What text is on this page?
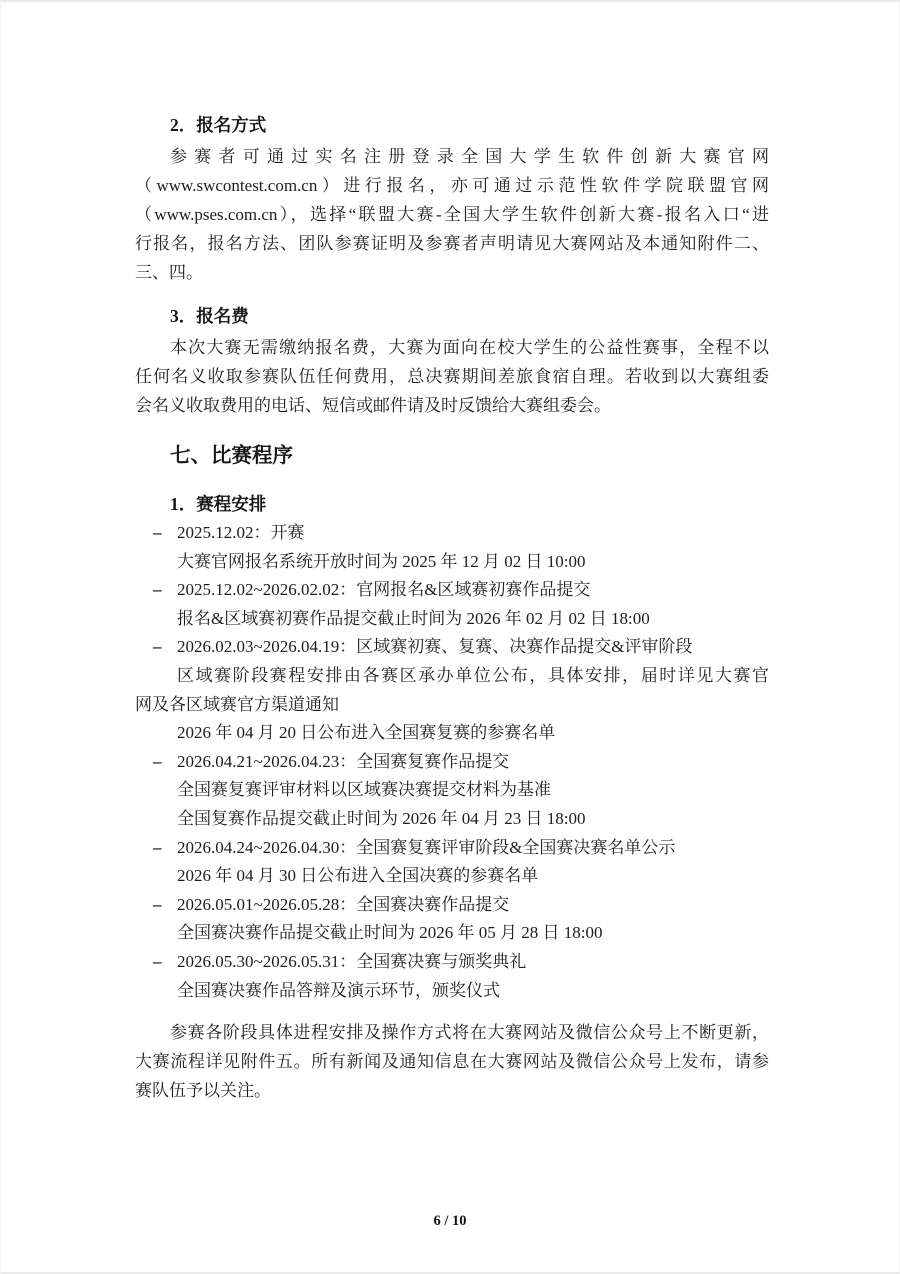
2．报名方式
参赛者可通过实名注册登录全国大学生软件创新大赛官网
（www.swcontest.com.cn）进行报名，亦可通过示范性软件学院联盟官网
（www.pses.com.cn），选择“联盟大赛-全国大学生软件创新大赛-报名入口“进
行报名，报名方法、团队参赛证明及参赛者声明请见大赛网站及本通知附件二、
三、四。
3．报名费
本次大赛无需缴纳报名费，大赛为面向在校大学生的公益性赛事，全程不以
任何名义收取参赛队伍任何费用，总决赛期间差旅食宿自理。若收到以大赛组委
会名义收取费用的电话、短信或邮件请及时反馈给大赛组委会。
七、比赛程序
1．赛程安排
– 2025.12.02：开赛
大赛官网报名系统开放时间为 2025 年 12 月 02 日 10:00
– 2025.12.02~2026.02.02：官网报名&区域赛初赛作品提交
报名&区域赛初赛作品提交截止时间为 2026 年 02 月 02 日 18:00
– 2026.02.03~2026.04.19：区域赛初赛、复赛、决赛作品提交&评审阶段
区域赛阶段赛程安排由各赛区承办单位公布，具体安排，届时详见大赛官
网及各区域赛官方渠道通知
2026 年 04 月 20 日公布进入全国赛复赛的参赛名单
– 2026.04.21~2026.04.23：全国赛复赛作品提交
全国赛复赛评审材料以区域赛决赛提交材料为基准
全国复赛作品提交截止时间为 2026 年 04 月 23 日 18:00
– 2026.04.24~2026.04.30：全国赛复赛评审阶段&全国赛决赛名单公示
2026 年 04 月 30 日公布进入全国决赛的参赛名单
– 2026.05.01~2026.05.28：全国赛决赛作品提交
全国赛决赛作品提交截止时间为 2026 年 05 月 28 日 18:00
– 2026.05.30~2026.05.31：全国赛决赛与颁奖典礼
全国赛决赛作品答辩及演示环节，颁奖仪式
参赛各阶段具体进程安排及操作方式将在大赛网站及微信公众号上不断更新，
大赛流程详见附件五。所有新闻及通知信息在大赛网站及微信公众号上发布，请参
赛队伍予以关注。
6 / 10
